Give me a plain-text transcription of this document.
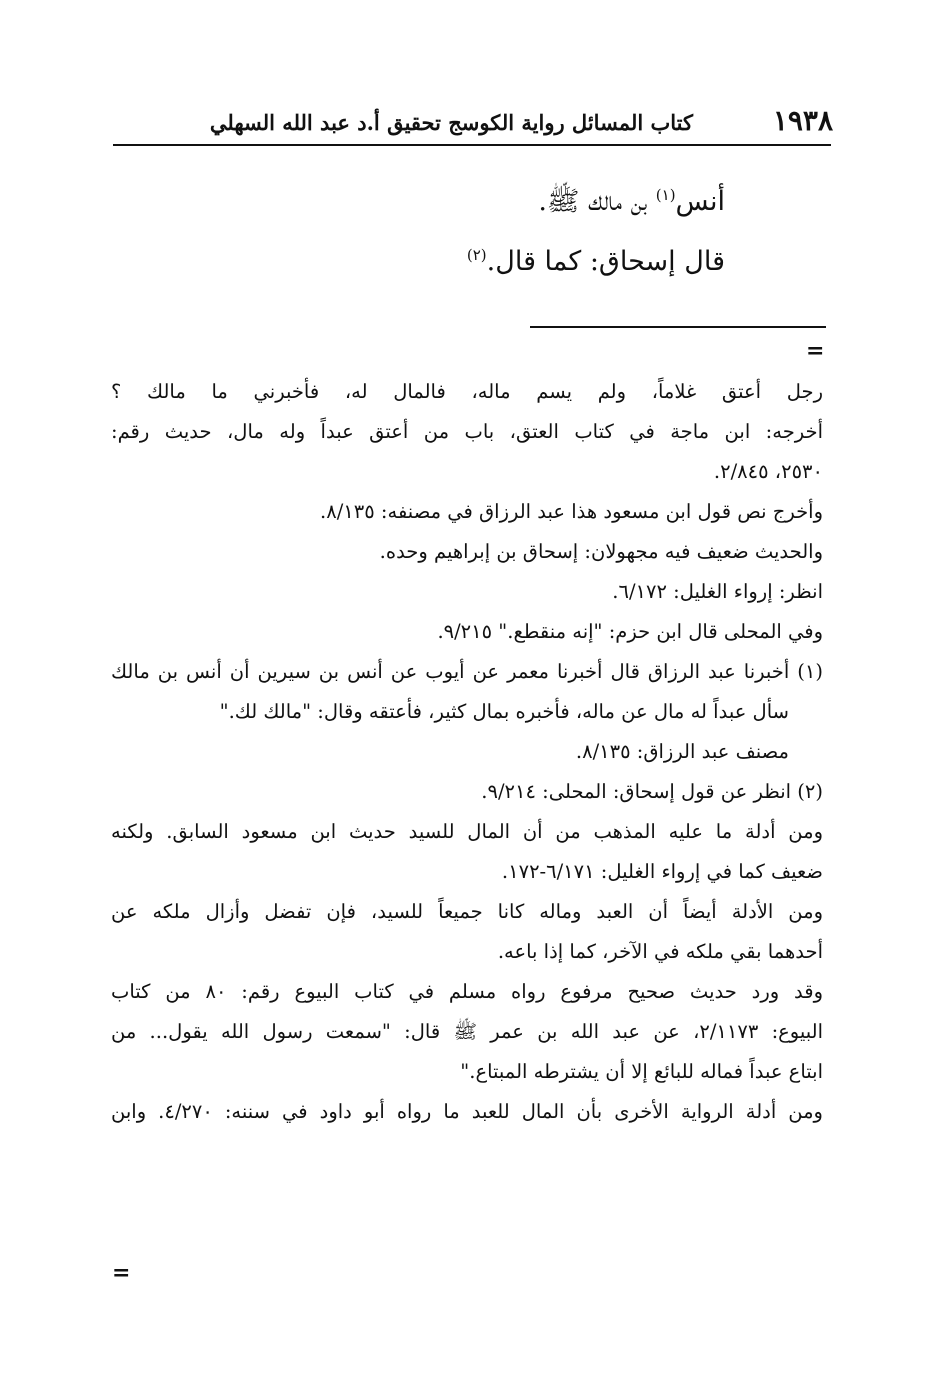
١٩٣٨
كتاب المسائل رواية الكوسج تحقيق أ.د عبد الله السهلي

أنس$^{(١)}$ بن مالك ﷺ.

قال إسحاق: كما قال.$^{(٢)}$

=

رجل أعتق غلاماً، ولم يسم ماله، فالمال له، فأخبرني ما مالك ؟

أخرجه: ابن ماجة في كتاب العتق، باب من أعتق عبداً وله مال، حديث رقم:

٢٥٣٠، ٢/٨٤٥.

وأخرج نص قول ابن مسعود هذا عبد الرزاق في مصنفه: ٨/١٣٥.

والحديث ضعيف فيه مجهولان: إسحاق بن إبراهيم وحده.

انظر: إرواء الغليل: ٦/١٧٢.

وفي المحلى قال ابن حزم: "إنه منقطع." ٩/٢١٥.

(١) أخبرنا عبد الرزاق قال أخبرنا معمر عن أيوب عن أنس بن سيرين أن أنس بن مالك

سأل عبداً له مال عن ماله، فأخبره بمال كثير، فأعتقه وقال: "مالك لك."

مصنف عبد الرزاق: ٨/١٣٥.

(٢) انظر عن قول إسحاق: المحلى: ٩/٢١٤.

ومن أدلة ما عليه المذهب من أن المال للسيد حديث ابن مسعود السابق. ولكنه

ضعيف كما في إرواء الغليل: ٦/١٧١-١٧٢.

ومن الأدلة أيضاً أن العبد وماله كانا جميعاً للسيد، فإن تفضل وأزال ملكه عن

أحدهما بقي ملكه في الآخر، كما إذا باعه.

وقد ورد حديث صحيح مرفوع رواه مسلم في كتاب البيوع رقم: ٨٠ من كتاب

البيوع: ٢/١١٧٣، عن عبد الله بن عمر ﷺ قال: "سمعت رسول الله يقول... من

ابتاع عبداً فماله للبائع إلا أن يشترطه المبتاع."

ومن أدلة الرواية الأخرى بأن المال للعبد ما رواه أبو داود في سننه: ٤/٢٧٠. وابن

=
